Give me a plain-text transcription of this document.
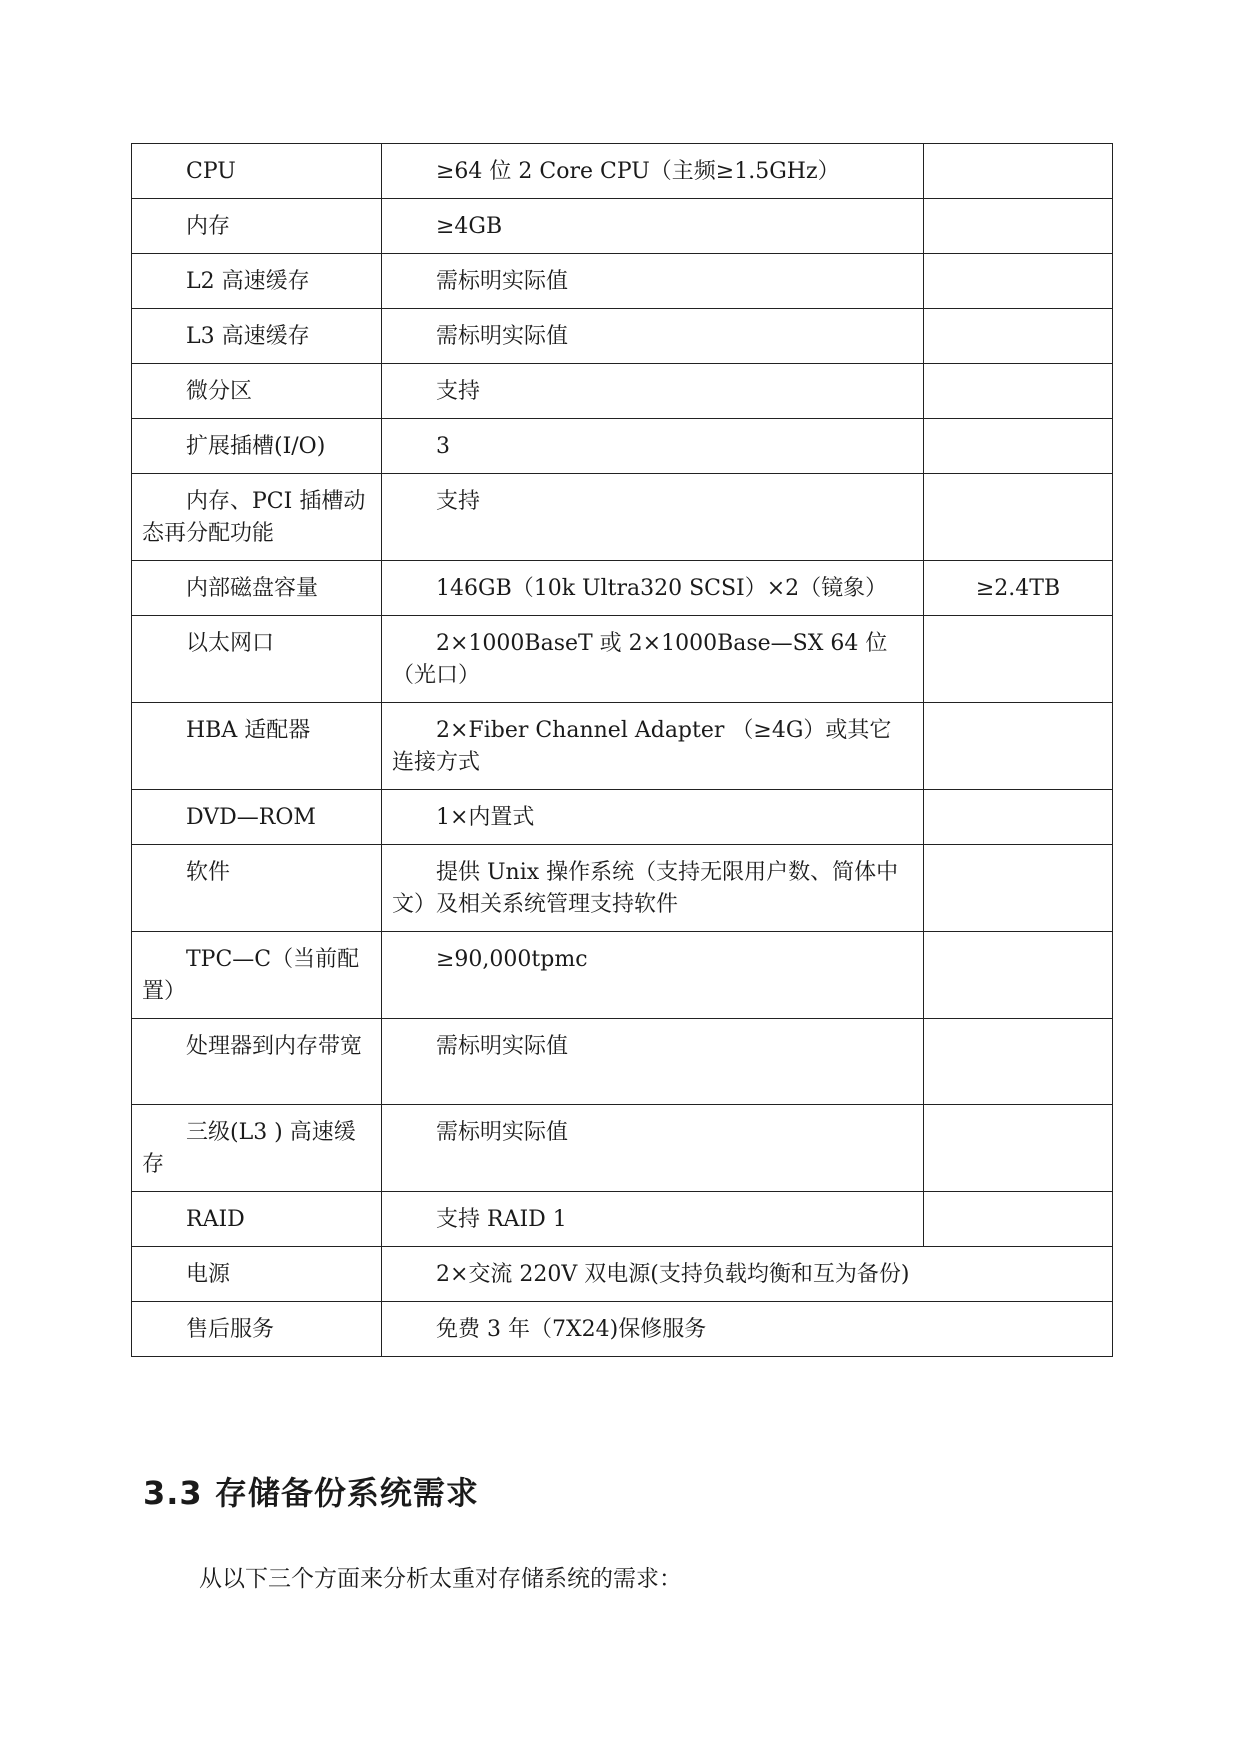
CPU	≥64 位 2 Core CPU（主频≥1.5GHz）	
内存	≥4GB	
L2 高速缓存	需标明实际值	
L3 高速缓存	需标明实际值	
微分区	支持	
扩展插槽(I/O)	3	
内存、PCI 插槽动态再分配功能	支持	
内部磁盘容量	146GB（10k Ultra320 SCSI）×2（镜象）	≥2.4TB
以太网口	2×1000BaseT 或 2×1000Base—SX 64 位（光口）	
HBA 适配器	2×Fiber Channel Adapter （≥4G）或其它连接方式	
DVD—ROM	1×内置式	
软件	提供 Unix 操作系统（支持无限用户数、简体中文）及相关系统管理支持软件	
TPC—C（当前配置）	≥90,000tpmc	
处理器到内存带宽	需标明实际值	
三级(L3 ) 高速缓存	需标明实际值	
RAID	支持 RAID 1	
电源	2×交流 220V 双电源(支持负载均衡和互为备份)	
售后服务	免费 3 年（7X24)保修服务	
3.3 存储备份系统需求

从以下三个方面来分析太重对存储系统的需求：
